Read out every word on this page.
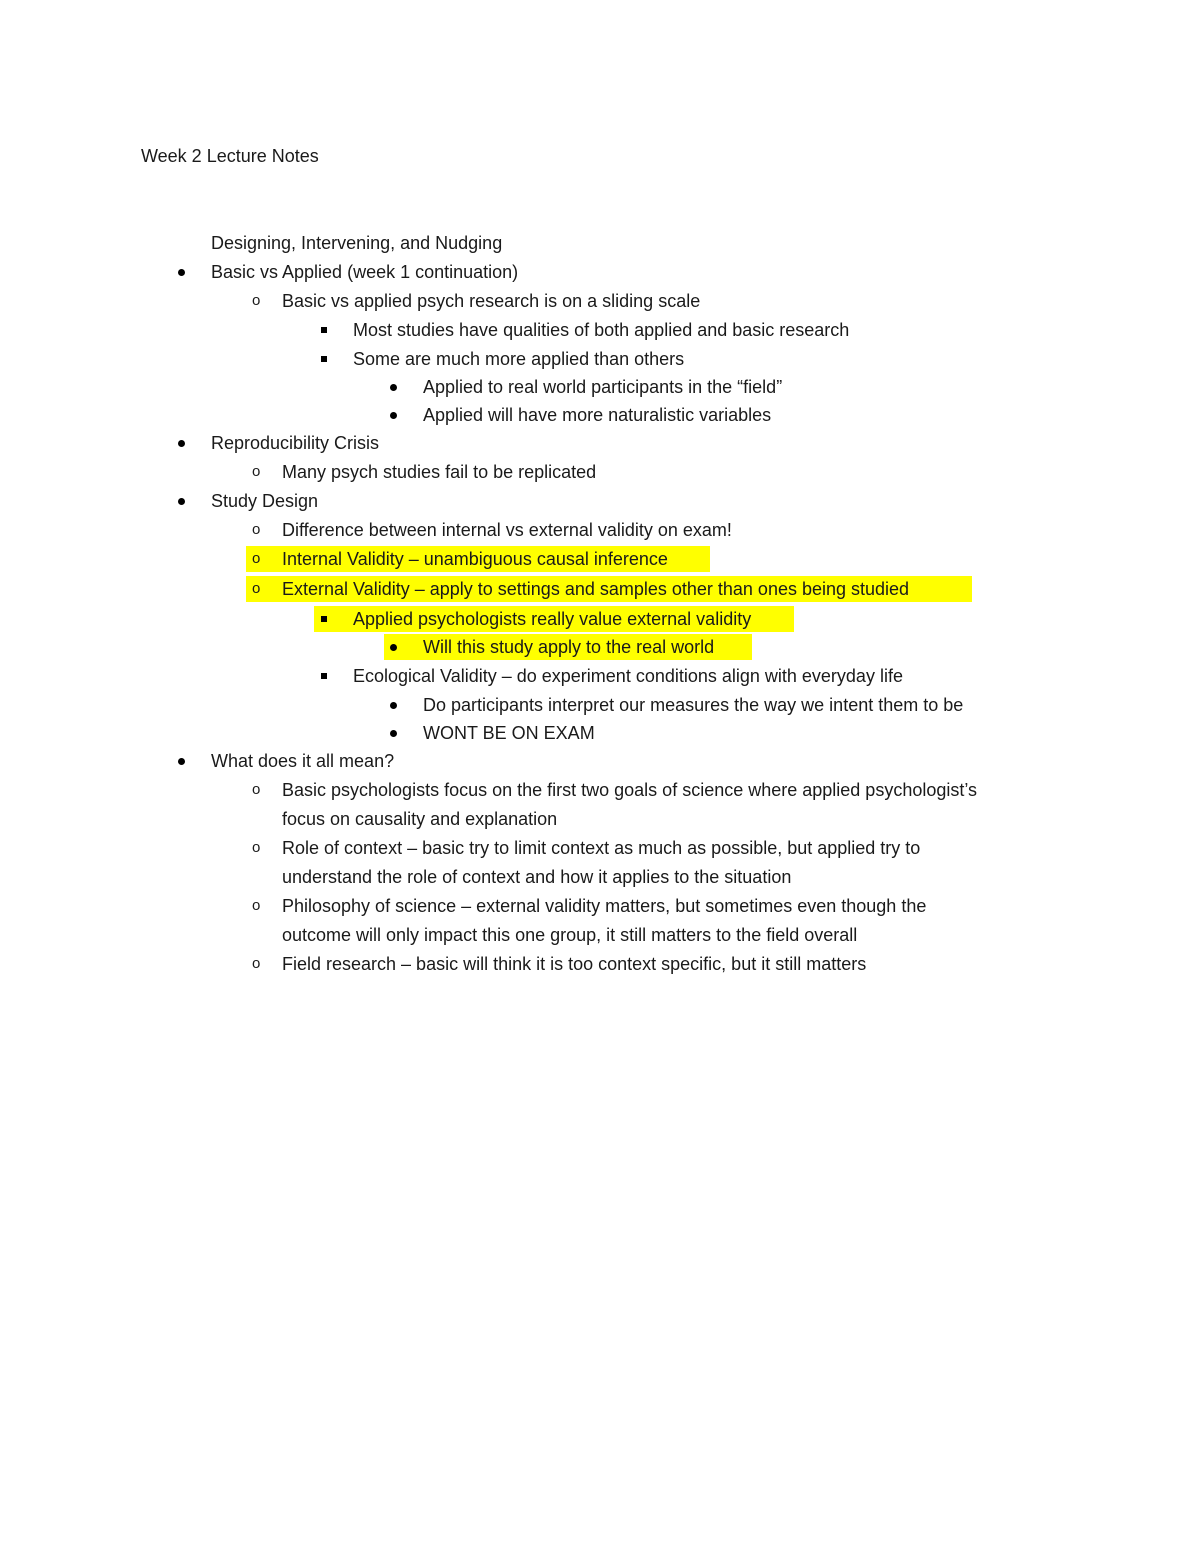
Week 2 Lecture Notes
Designing, Intervening, and Nudging
Basic vs Applied (week 1 continuation)
o	Basic vs applied psych research is on a sliding scale
Most studies have qualities of both applied and basic research
Some are much more applied than others
Applied to real world participants in the “field”
Applied will have more naturalistic variables
Reproducibility Crisis
o	Many psych studies fail to be replicated
Study Design
o	Difference between internal vs external validity on exam!
o	Internal Validity – unambiguous causal inference
o	External Validity – apply to settings and samples other than ones being studied
Applied psychologists really value external validity
Will this study apply to the real world
Ecological Validity – do experiment conditions align with everyday life
Do participants interpret our measures the way we intent them to be
WONT BE ON EXAM
What does it all mean?
o	Basic psychologists focus on the first two goals of science where applied psychologist’s
focus on causality and explanation
o	Role of context – basic try to limit context as much as possible, but applied try to
understand the role of context and how it applies to the situation
o	Philosophy of science – external validity matters, but sometimes even though the
outcome will only impact this one group, it still matters to the field overall
o	Field research – basic will think it is too context specific, but it still matters
